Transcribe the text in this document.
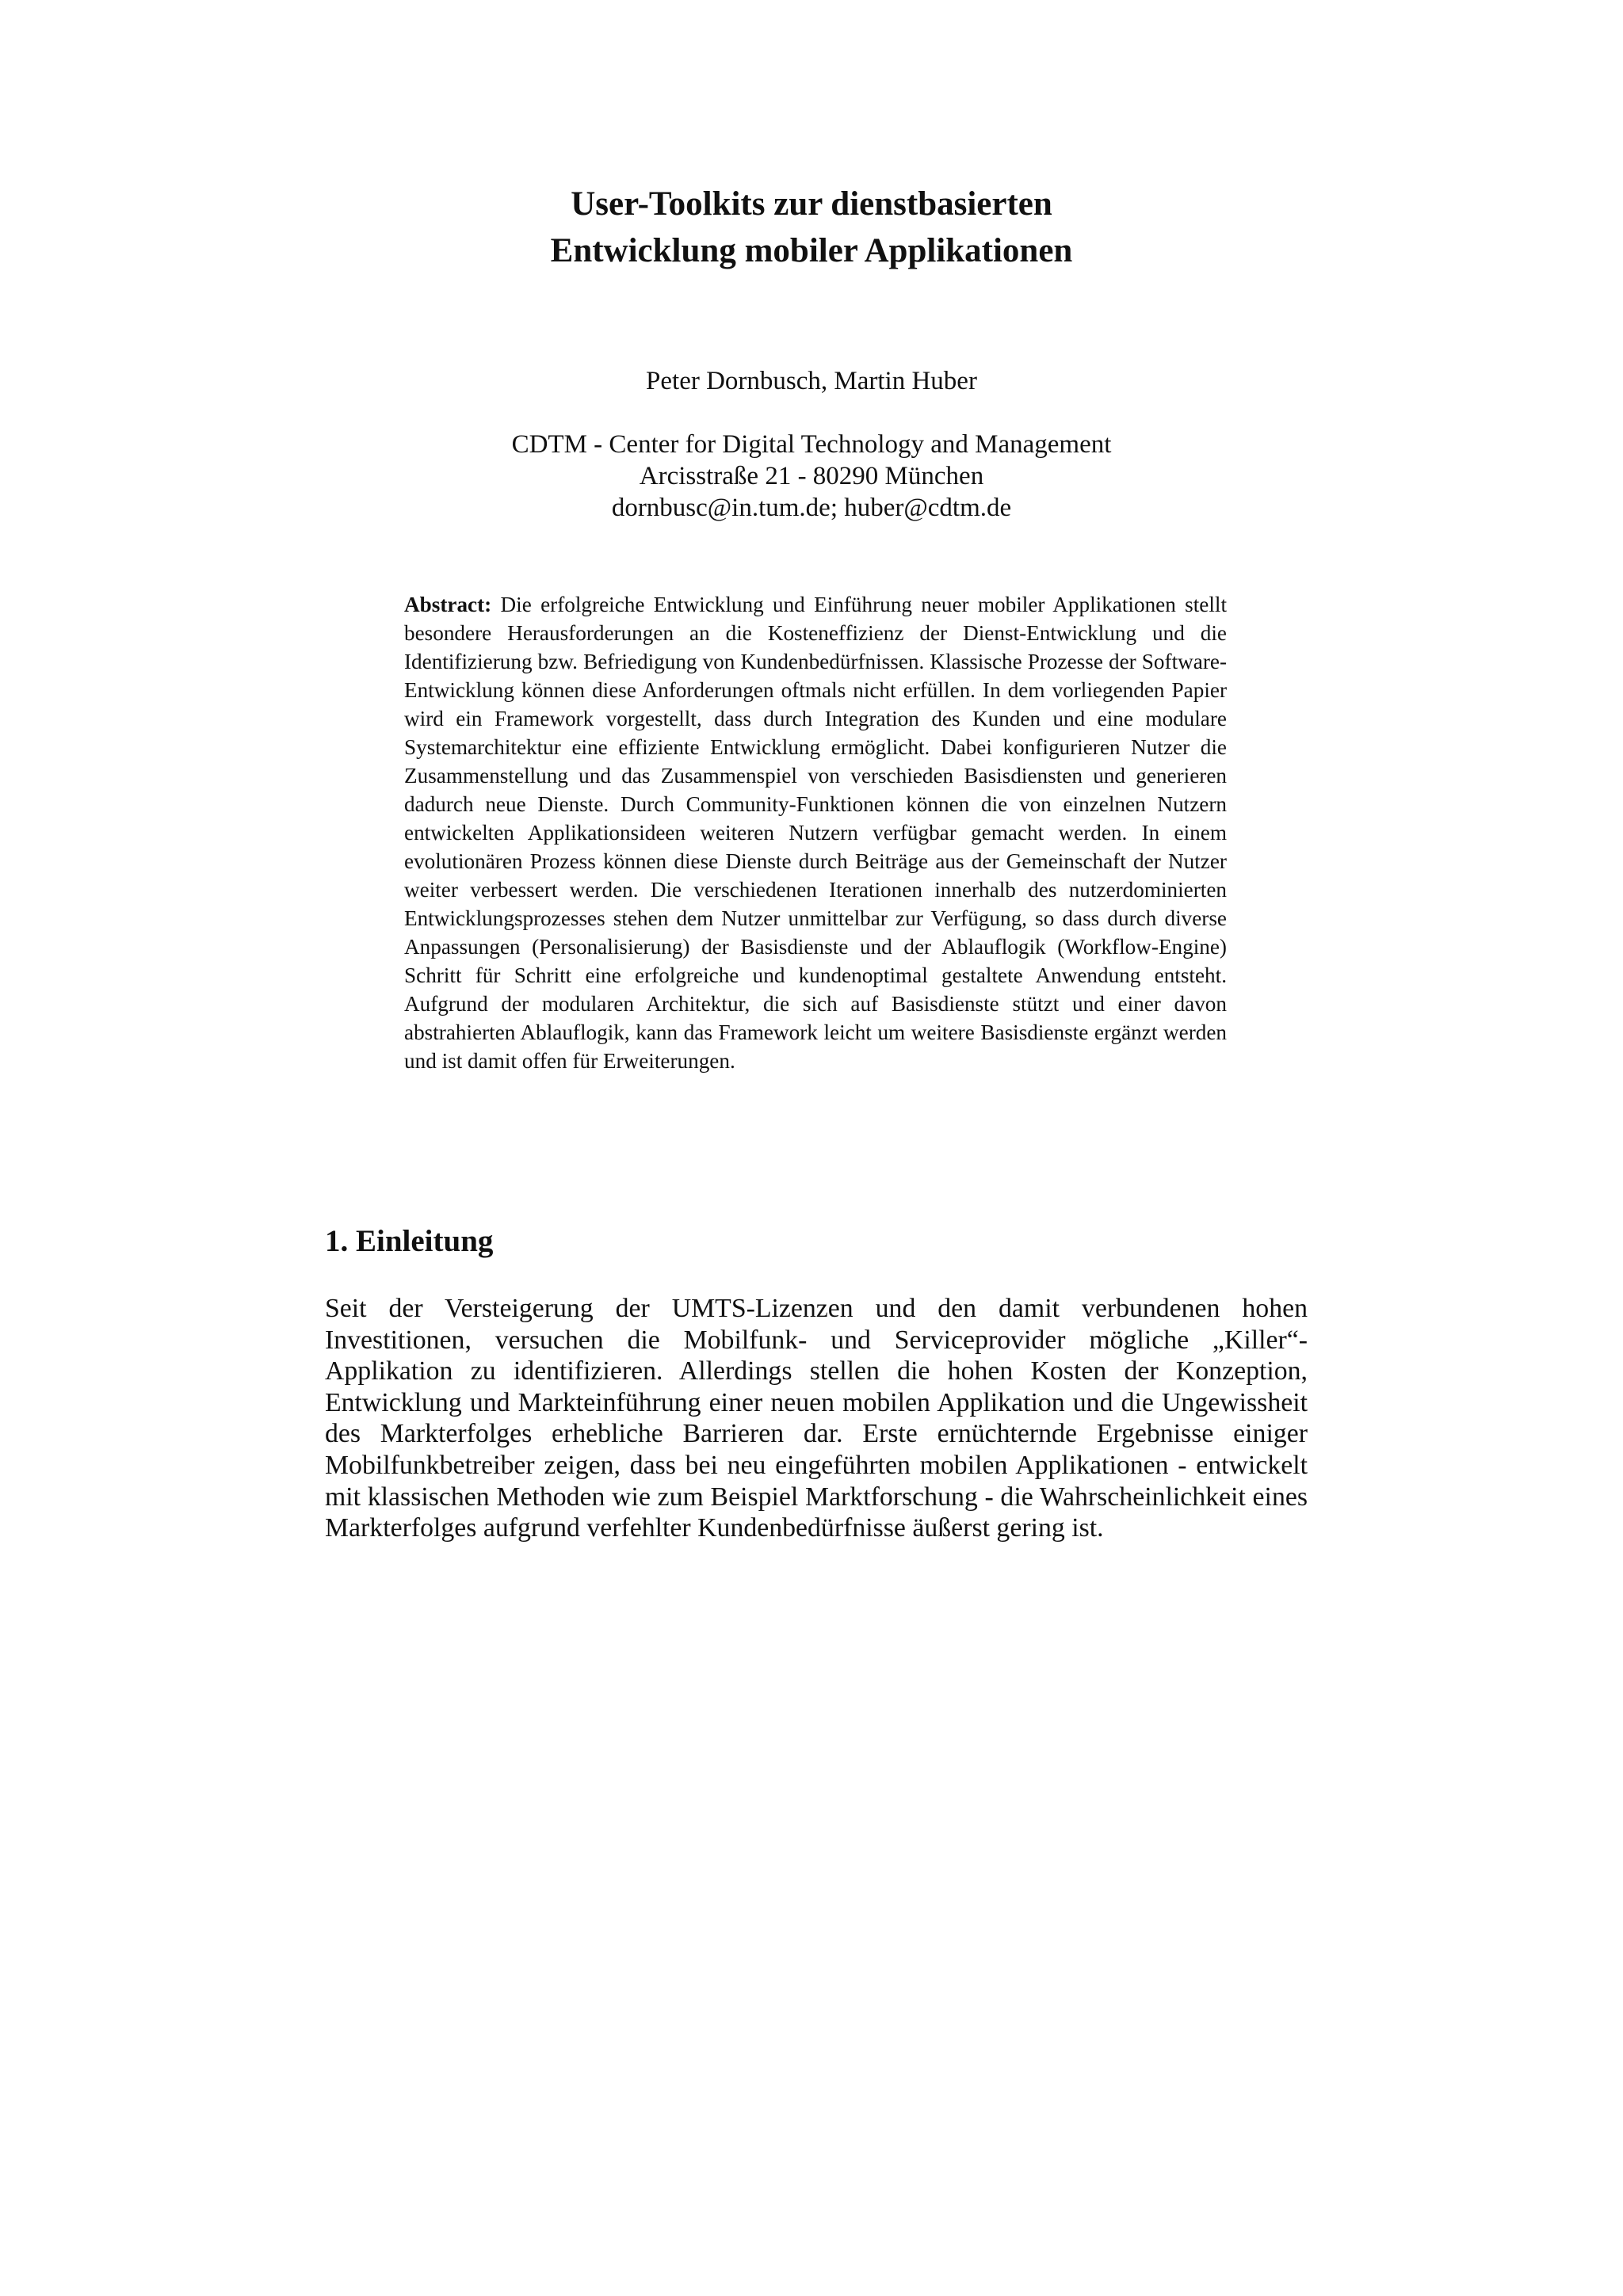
User-Toolkits zur dienstbasierten
Entwicklung mobiler Applikationen

Peter Dornbusch, Martin Huber

CDTM - Center for Digital Technology and Management
Arcisstraße 21 - 80290 München
dornbusc@in.tum.de; huber@cdtm.de

Abstract: Die erfolgreiche Entwicklung und Einführung neuer mobiler Applikationen stellt besondere Herausforderungen an die Kosteneffizienz der Dienst-Entwicklung und die Identifizierung bzw. Befriedigung von Kundenbedürfnissen. Klassische Prozesse der Software-Entwicklung können diese Anforderungen oftmals nicht erfüllen. In dem vorliegenden Papier wird ein Framework vorgestellt, dass durch Integration des Kunden und eine modulare Systemarchitektur eine effiziente Entwicklung ermöglicht. Dabei konfigurieren Nutzer die Zusammenstellung und das Zusammenspiel von verschieden Basisdiensten und generieren dadurch neue Dienste. Durch Community-Funktionen können die von einzelnen Nutzern entwickelten Applikationsideen weiteren Nutzern verfügbar gemacht werden. In einem evolutionären Prozess können diese Dienste durch Beiträge aus der Gemeinschaft der Nutzer weiter verbessert werden. Die verschiedenen Iterationen innerhalb des nutzerdominierten Entwicklungsprozesses stehen dem Nutzer unmittelbar zur Verfügung, so dass durch diverse Anpassungen (Personalisierung) der Basisdienste und der Ablauflogik (Workflow-Engine) Schritt für Schritt eine erfolgreiche und kundenoptimal gestaltete Anwendung entsteht. Aufgrund der modularen Architektur, die sich auf Basisdienste stützt und einer davon abstrahierten Ablauflogik, kann das Framework leicht um weitere Basisdienste ergänzt werden und ist damit offen für Erweiterungen.

1. Einleitung

Seit der Versteigerung der UMTS-Lizenzen und den damit verbundenen hohen Investitionen, versuchen die Mobilfunk- und Serviceprovider mögliche „Killer“-Applikation zu identifizieren. Allerdings stellen die hohen Kosten der Konzeption, Entwicklung und Markteinführung einer neuen mobilen Applikation und die Ungewissheit des Markterfolges erhebliche Barrieren dar. Erste ernüchternde Ergebnisse einiger Mobilfunkbetreiber zeigen, dass bei neu eingeführten mobilen Applikationen - entwickelt mit klassischen Methoden wie zum Beispiel Marktforschung - die Wahrscheinlichkeit eines Markterfolges aufgrund verfehlter Kundenbedürfnisse äußerst gering ist.
